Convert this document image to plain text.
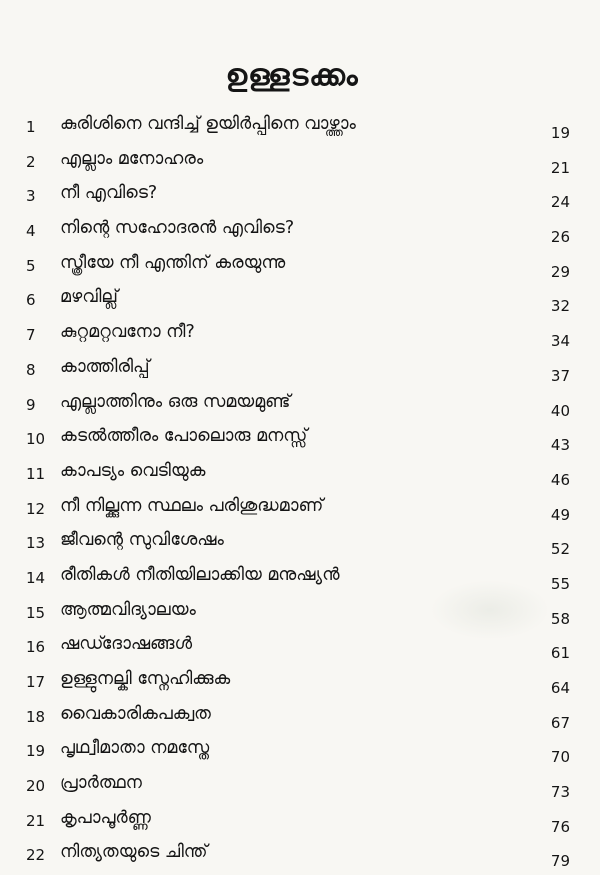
ഉള്ളടക്കം
1	കുരിശിനെ വന്ദിച്ച് ഉയിർപ്പിനെ വാഴ്ത്താം	19
2	എല്ലാം മനോഹരം	21
3	നീ എവിടെ?	24
4	നിന്റെ സഹോദരൻ എവിടെ?	26
5	സ്ത്രീയേ നീ എന്തിന് കരയുന്നു	29
6	മഴവില്ല്	32
7	കുറ്റമറ്റവനോ നീ?	34
8	കാത്തിരിപ്പ്	37
9	എല്ലാത്തിനും ഒരു സമയമുണ്ട്	40
10 കടൽത്തീരം പോലൊരു മനസ്സ്	43
11 കാപട്യം വെടിയുക	46
12 നീ നില്ക്കുന്ന സ്ഥലം പരിശുദ്ധമാണ്	49
13 ജീവന്റെ സുവിശേഷം	52
14 രീതികൾ നീതിയിലാക്കിയ മനുഷ്യൻ	55
15 ആത്മവിദ്യാലയം	58
16 ഷഡ്ദോഷങ്ങൾ	61
17 ഉള്ളുനല്കി സ്നേഹിക്കുക	64
18 വൈകാരികപക്വത	67
19 പൃഥ്വീമാതാ നമസ്തേ	70
20 പ്രാർത്ഥന	73
21 കൃപാപൂർണ്ണ	76
22 നിത്യതയുടെ ചിന്ത്	79
